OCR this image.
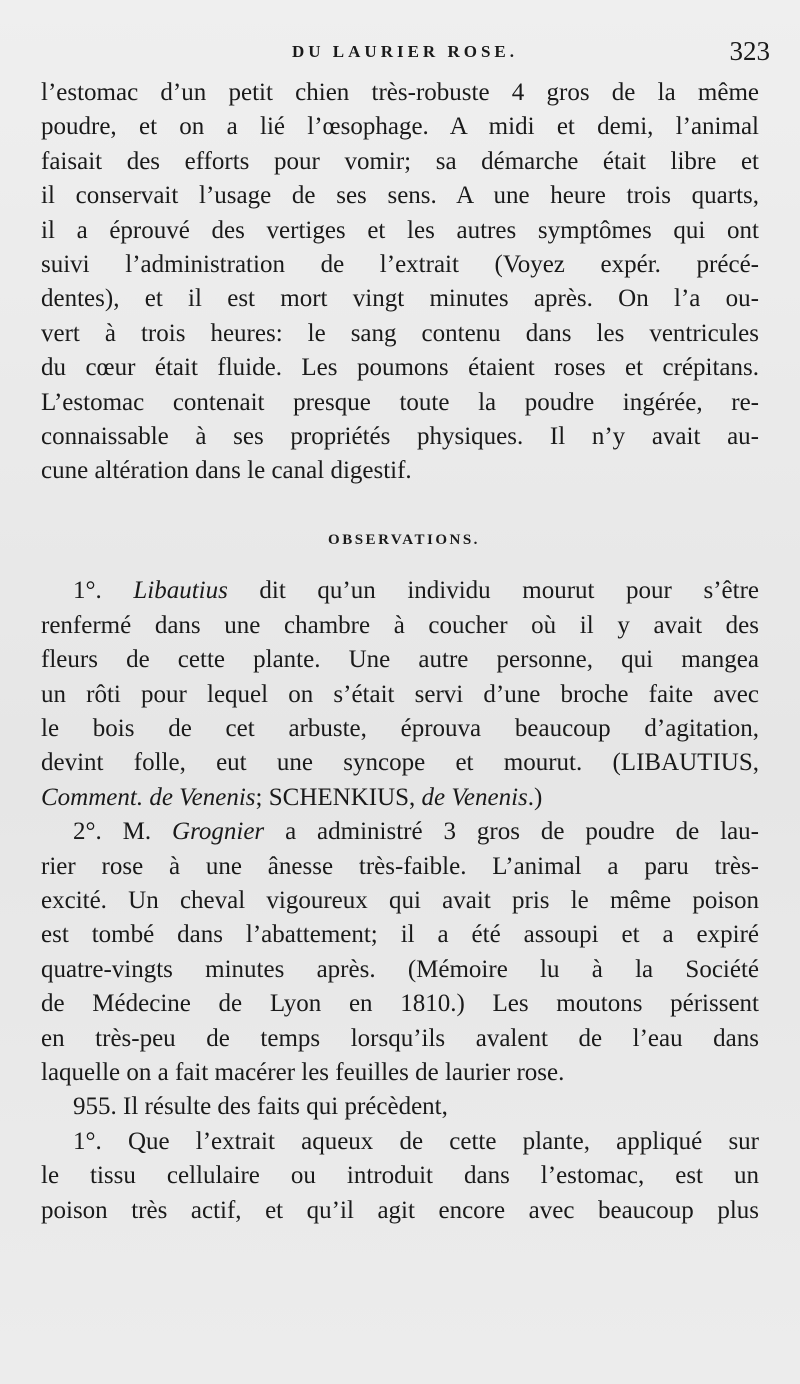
DU LAURIER ROSE.	323
l’estomac d’un petit chien très-robuste 4 gros de la même
poudre, et on a lié l’œsophage. A midi et demi, l’animal
faisait des efforts pour vomir; sa démarche était libre et
il conservait l’usage de ses sens. A une heure trois quarts,
il a éprouvé des vertiges et les autres symptômes qui ont
suivi l’administration de l’extrait (Voyez expér. précé-
dentes), et il est mort vingt minutes après. On l’a ou-
vert à trois heures: le sang contenu dans les ventricules
du cœur était fluide. Les poumons étaient roses et crépitans.
L’estomac contenait presque toute la poudre ingérée, re-
connaissable à ses propriétés physiques. Il n’y avait au-
cune altération dans le canal digestif.
OBSERVATIONS.
1°. Libautius dit qu’un individu mourut pour s’être
renfermé dans une chambre à coucher où il y avait des
fleurs de cette plante. Une autre personne, qui mangea
un rôti pour lequel on s’était servi d’une broche faite avec
le bois de cet arbuste, éprouva beaucoup d’agitation,
devint folle, eut une syncope et mourut. (LIBAUTIUS,
Comment. de Venenis; SCHENKIUS, de Venenis.)
2°. M. Grognier a administré 3 gros de poudre de lau-
rier rose à une ânesse très-faible. L’animal a paru très-
excité. Un cheval vigoureux qui avait pris le même poison
est tombé dans l’abattement; il a été assoupi et a expiré
quatre-vingts minutes après. (Mémoire lu à la Société
de Médecine de Lyon en 1810.) Les moutons périssent
en très-peu de temps lorsqu’ils avalent de l’eau dans
laquelle on a fait macérer les feuilles de laurier rose.
955. Il résulte des faits qui précèdent,
1°. Que l’extrait aqueux de cette plante, appliqué sur
le tissu cellulaire ou introduit dans l’estomac, est un
poison très actif, et qu’il agit encore avec beaucoup plus
